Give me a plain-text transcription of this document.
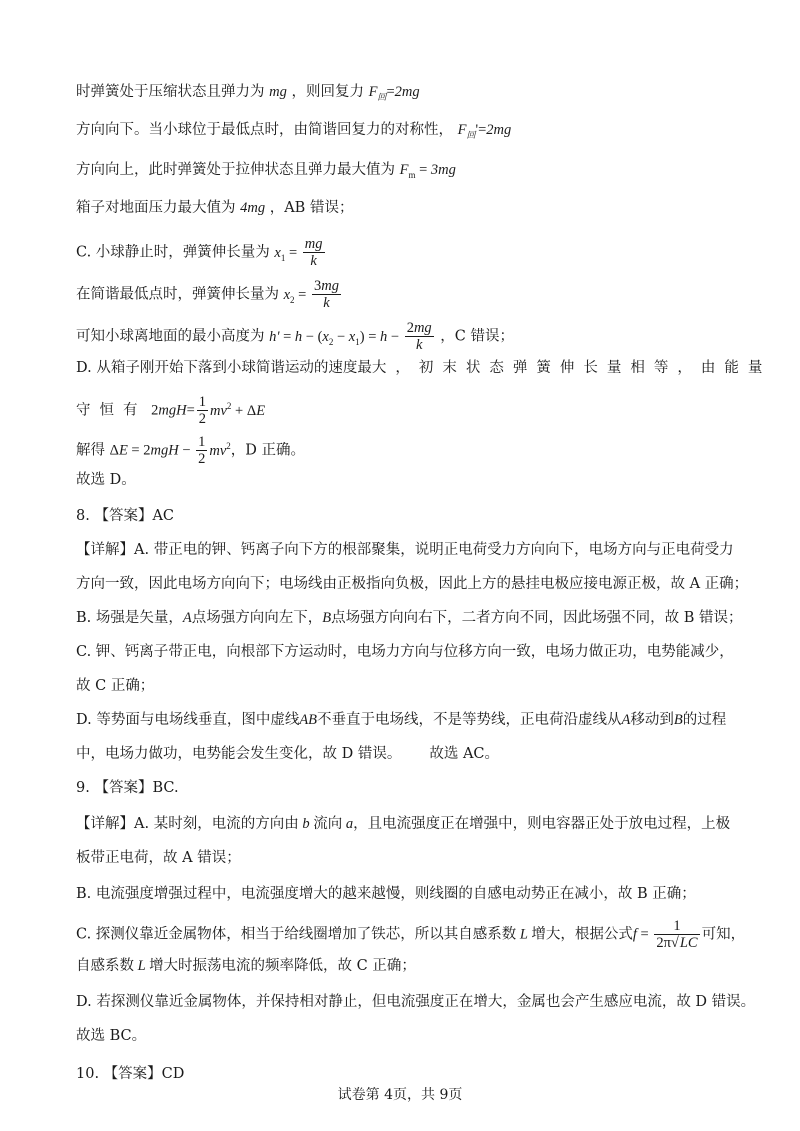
时弹簧处于压缩状态且弹力为 mg ，则回复力 $F_回=2mg$
方向向下。当小球位于最低点时，由简谐回复力的对称性， $F_回'=2mg$
方向向上，此时弹簧处于拉伸状态且弹力最大值为 $F_m = 3mg$
箱子对地面压力最大值为 4mg ，AB 错误；
C. 小球静止时，弹簧伸长量为 $x_1 = \frac{mg}{k}$
在简谐最低点时，弹簧伸长量为 $x_2 = \frac{3mg}{k}$
可知小球离地面的最小高度为 $h' = h - (x_2 - x_1) = h - \frac{2mg}{k}$ ，C 错误；
D. 从箱子刚开始下落到小球简谐运动的速度最大，初末状态弹簧伸长量相等，由能量
守恒有 $2mgH= \frac{1}{2} mv^2 + \Delta E$
解得 $\Delta E = 2mgH - \frac{1}{2} mv^2$，D 正确。
故选 D。
8. 【答案】AC
【详解】A. 带正电的钾、钙离子向下方的根部聚集，说明正电荷受力方向向下，电场方向与正电荷受力
方向一致，因此电场方向向下；电场线由正极指向负极，因此上方的悬挂电极应接电源正极，故 A 正确；
B. 场强是矢量，A点场强方向向左下，B点场强方向向右下，二者方向不同，因此场强不同，故 B 错误；
C. 钾、钙离子带正电，向根部下方运动时，电场力方向与位移方向一致，电场力做正功，电势能减少，
故 C 正确；
D. 等势面与电场线垂直，图中虚线AB不垂直于电场线，不是等势线，正电荷沿虚线从A移动到B的过程
中，电场力做功，电势能会发生变化，故 D 错误。 故选 AC。
9. 【答案】BC.
【详解】A. 某时刻，电流的方向由 b 流向 a，且电流强度正在增强中，则电容器正处于放电过程，上极
板带正电荷，故 A 错误；
B. 电流强度增强过程中，电流强度增大的越来越慢，则线圈的自感电动势正在减小，故 B 正确；
C. 探测仪靠近金属物体，相当于给线圈增加了铁芯，所以其自感系数 L 增大，根据公式$f = \frac{1}{2\pi√LC}$ 可知，
自感系数 L 增大时振荡电流的频率降低，故 C 正确；
D. 若探测仪靠近金属物体，并保持相对静止，但电流强度正在增大，金属也会产生感应电流，故 D 错误。
故选 BC。
10. 【答案】CD
试卷第 4页，共 9页
